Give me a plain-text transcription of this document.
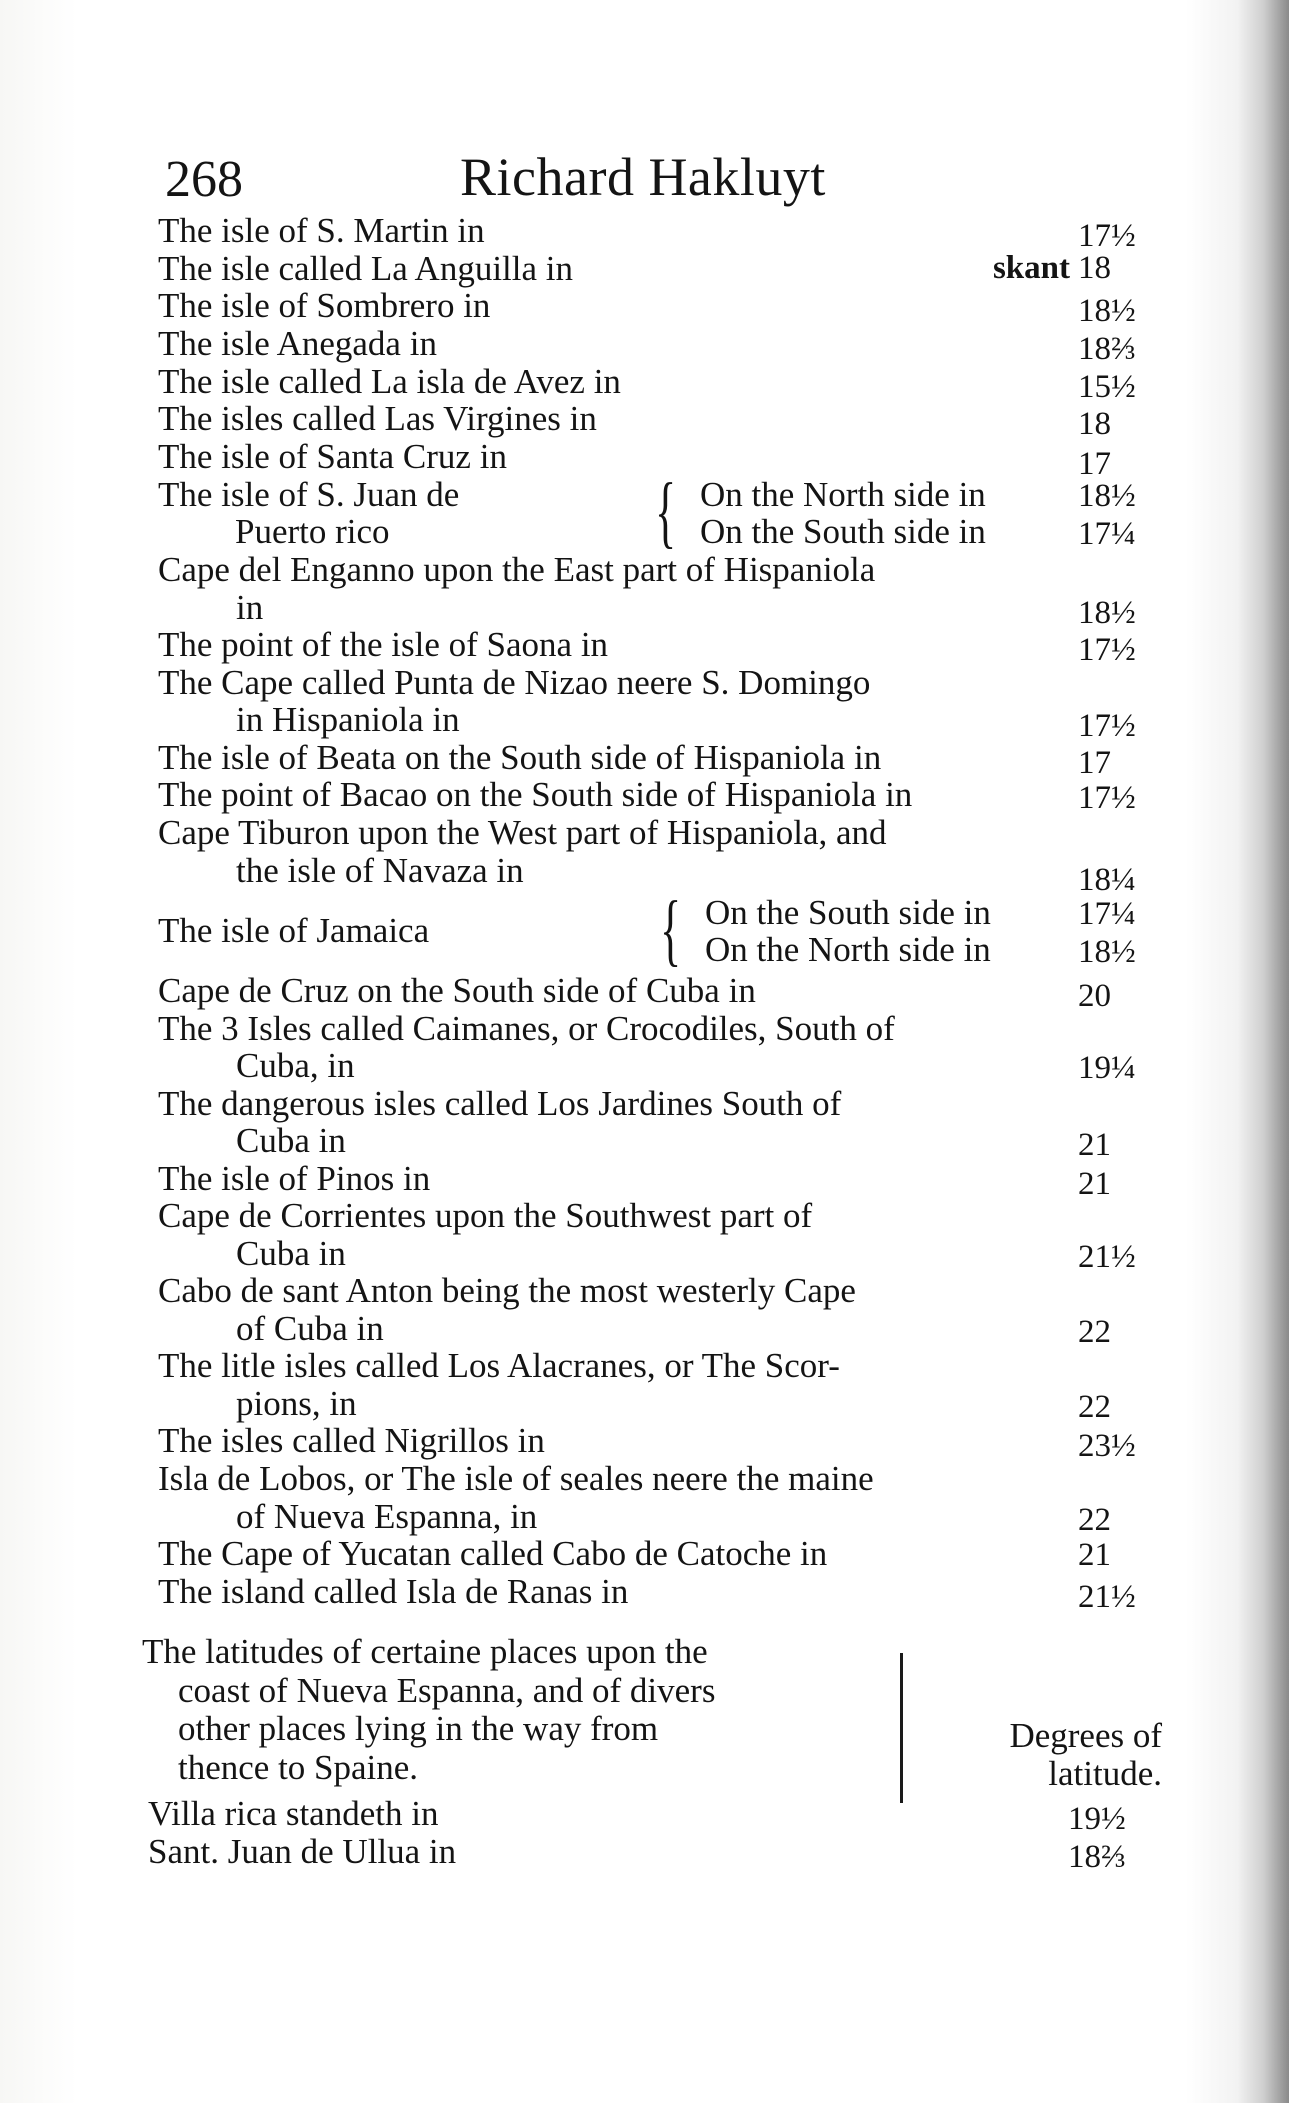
268	Richard Hakluyt
The isle of S. Martin in	17½
The isle called La Anguilla in	skant 18
The isle of Sombrero in	18½
The isle Anegada in	18⅔
The isle called La isla de Avez in	15½
The isles called Las Virgines in	18
The isle of Santa Cruz in	17
The isle of S. Juan de
Puerto rico	{ On the North side in	18½
On the South side in	17¼
Cape del Enganno upon the East part of Hispaniola
in	18½
The point of the isle of Saona in	17½
The Cape called Punta de Nizao neere S. Domingo
in Hispaniola in	17½
The isle of Beata on the South side of Hispaniola in	17
The point of Bacao on the South side of Hispaniola in	17½
Cape Tiburon upon the West part of Hispaniola, and
the isle of Navaza in	18¼
The isle of Jamaica	{ On the South side in	17¼
On the North side in	18½
Cape de Cruz on the South side of Cuba in	20
The 3 Isles called Caimanes, or Crocodiles, South of
Cuba, in	19¼
The dangerous isles called Los Jardines South of
Cuba in	21
The isle of Pinos in	21
Cape de Corrientes upon the Southwest part of
Cuba in	21½
Cabo de sant Anton being the most westerly Cape
of Cuba in	22
The litle isles called Los Alacranes, or The Scor-
pions, in	22
The isles called Nigrillos in	23½
Isla de Lobos, or The isle of seales neere the maine
of Nueva Espanna, in	22
The Cape of Yucatan called Cabo de Catoche in	21
The island called Isla de Ranas in	21½
The latitudes of certaine places upon the
coast of Nueva Espanna, and of divers
other places lying in the way from
thence to Spaine.
Degrees of
latitude.
Villa rica standeth in	19½
Sant. Juan de Ullua in	18⅔
